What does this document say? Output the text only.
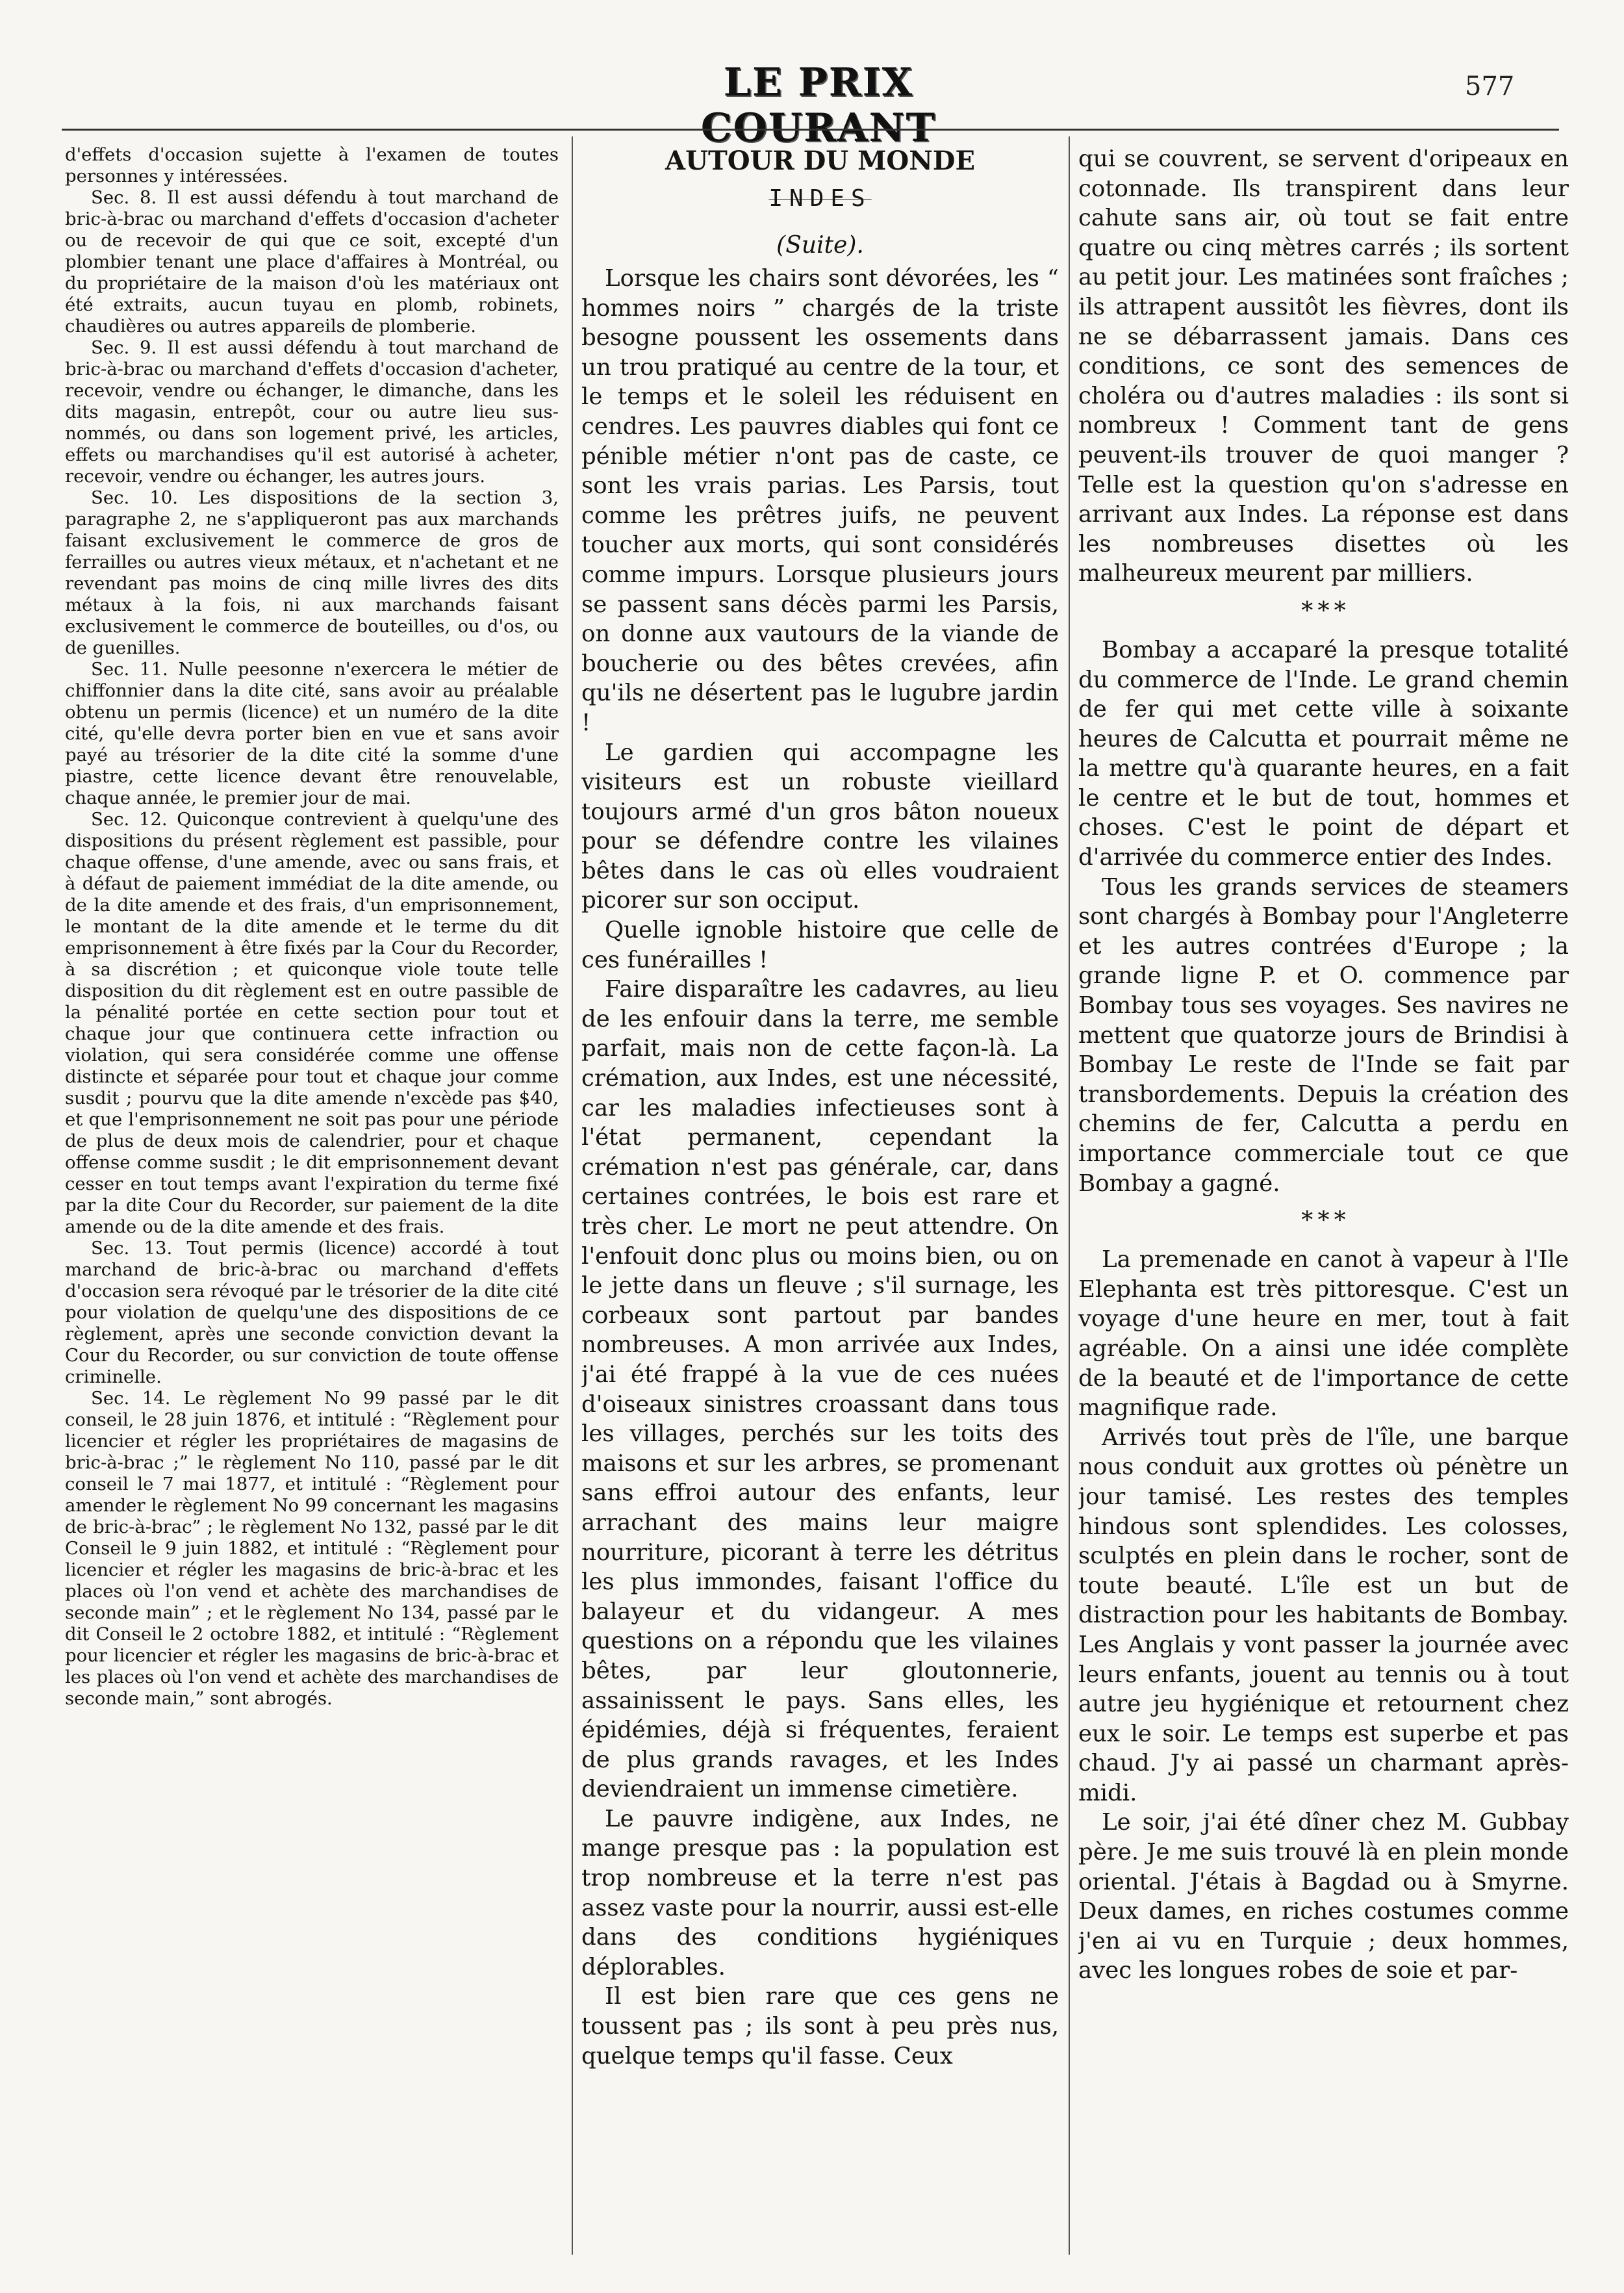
LE PRIX COURANT
577

d'effets d'occasion sujette à l'examen de toutes personnes y intéressées.

Sec. 8. Il est aussi défendu à tout marchand de bric-à-brac ou marchand d'effets d'occasion d'acheter ou de recevoir de qui que ce soit, excepté d'un plombier tenant une place d'affaires à Montréal, ou du propriétaire de la maison d'où les matériaux ont été extraits, aucun tuyau en plomb, robinets, chaudières ou autres appareils de plomberie.

Sec. 9. Il est aussi défendu à tout marchand de bric-à-brac ou marchand d'effets d'occasion d'acheter, recevoir, vendre ou échanger, le dimanche, dans les dits magasin, entrepôt, cour ou autre lieu sus-nommés, ou dans son logement privé, les articles, effets ou marchandises qu'il est autorisé à acheter, recevoir, vendre ou échanger, les autres jours.

Sec. 10. Les dispositions de la section 3, paragraphe 2, ne s'appliqueront pas aux marchands faisant exclusivement le commerce de gros de ferrailles ou autres vieux métaux, et n'achetant et ne revendant pas moins de cinq mille livres des dits métaux à la fois, ni aux marchands faisant exclusivement le commerce de bouteilles, ou d'os, ou de guenilles.

Sec. 11. Nulle peesonne n'exercera le métier de chiffonnier dans la dite cité, sans avoir au préalable obtenu un permis (licence) et un numéro de la dite cité, qu'elle devra porter bien en vue et sans avoir payé au trésorier de la dite cité la somme d'une piastre, cette licence devant être renouvelable, chaque année, le premier jour de mai.

Sec. 12. Quiconque contrevient à quelqu'une des dispositions du présent règlement est passible, pour chaque offense, d'une amende, avec ou sans frais, et à défaut de paiement immédiat de la dite amende, ou de la dite amende et des frais, d'un emprisonnement, le montant de la dite amende et le terme du dit emprisonnement à être fixés par la Cour du Recorder, à sa discrétion ; et quiconque viole toute telle disposition du dit règlement est en outre passible de la pénalité portée en cette section pour tout et chaque jour que continuera cette infraction ou violation, qui sera considérée comme une offense distincte et séparée pour tout et chaque jour comme susdit ; pourvu que la dite amende n'excède pas $40, et que l'emprisonnement ne soit pas pour une période de plus de deux mois de calendrier, pour et chaque offense comme susdit ; le dit emprisonnement devant cesser en tout temps avant l'expiration du terme fixé par la dite Cour du Recorder, sur paiement de la dite amende ou de la dite amende et des frais.

Sec. 13. Tout permis (licence) accordé à tout marchand de bric-à-brac ou marchand d'effets d'occasion sera révoqué par le trésorier de la dite cité pour violation de quelqu'une des dispositions de ce règlement, après une seconde conviction devant la Cour du Recorder, ou sur conviction de toute offense criminelle.

Sec. 14. Le règlement No 99 passé par le dit conseil, le 28 juin 1876, et intitulé : “Règlement pour licencier et régler les propriétaires de magasins de bric-à-brac ;” le règlement No 110, passé par le dit conseil le 7 mai 1877, et intitulé : “Règlement pour amender le règlement No 99 concernant les magasins de bric-à-brac” ; le règlement No 132, passé par le dit Conseil le 9 juin 1882, et intitulé : “Règlement pour licencier et régler les magasins de bric-à-brac et les places où l'on vend et achète des marchandises de seconde main” ; et le règlement No 134, passé par le dit Conseil le 2 octobre 1882, et intitulé : “Règlement pour licencier et régler les magasins de bric-à-brac et les places où l'on vend et achète des marchandises de seconde main,” sont abrogés.

AUTOUR DU MONDE
INDES
(Suite).

Lorsque les chairs sont dévorées, les “ hommes noirs ” chargés de la triste besogne poussent les ossements dans un trou pratiqué au centre de la tour, et le temps et le soleil les réduisent en cendres. Les pauvres diables qui font ce pénible métier n'ont pas de caste, ce sont les vrais parias. Les Parsis, tout comme les prêtres juifs, ne peuvent toucher aux morts, qui sont considérés comme impurs. Lorsque plusieurs jours se passent sans décès parmi les Parsis, on donne aux vautours de la viande de boucherie ou des bêtes crevées, afin qu'ils ne désertent pas le lugubre jardin !

Le gardien qui accompagne les visiteurs est un robuste vieillard toujours armé d'un gros bâton noueux pour se défendre contre les vilaines bêtes dans le cas où elles voudraient picorer sur son occiput.

Quelle ignoble histoire que celle de ces funérailles !

Faire disparaître les cadavres, au lieu de les enfouir dans la terre, me semble parfait, mais non de cette façon-là. La crémation, aux Indes, est une nécessité, car les maladies infectieuses sont à l'état permanent, cependant la crémation n'est pas générale, car, dans certaines contrées, le bois est rare et très cher. Le mort ne peut attendre. On l'enfouit donc plus ou moins bien, ou on le jette dans un fleuve ; s'il surnage, les corbeaux sont partout par bandes nombreuses. A mon arrivée aux Indes, j'ai été frappé à la vue de ces nuées d'oiseaux sinistres croassant dans tous les villages, perchés sur les toits des maisons et sur les arbres, se promenant sans effroi autour des enfants, leur arrachant des mains leur maigre nourriture, picorant à terre les détritus les plus immondes, faisant l'office du balayeur et du vidangeur. A mes questions on a répondu que les vilaines bêtes, par leur gloutonnerie, assainissent le pays. Sans elles, les épidémies, déjà si fréquentes, feraient de plus grands ravages, et les Indes deviendraient un immense cimetière.

Le pauvre indigène, aux Indes, ne mange presque pas : la population est trop nombreuse et la terre n'est pas assez vaste pour la nourrir, aussi est-elle dans des conditions hygiéniques déplorables.

Il est bien rare que ces gens ne toussent pas ; ils sont à peu près nus, quelque temps qu'il fasse. Ceux

qui se couvrent, se servent d'oripeaux en cotonnade. Ils transpirent dans leur cahute sans air, où tout se fait entre quatre ou cinq mètres carrés ; ils sortent au petit jour. Les matinées sont fraîches ; ils attrapent aussitôt les fièvres, dont ils ne se débarrassent jamais. Dans ces conditions, ce sont des semences de choléra ou d'autres maladies : ils sont si nombreux ! Comment tant de gens peuvent-ils trouver de quoi manger ? Telle est la question qu'on s'adresse en arrivant aux Indes. La réponse est dans les nombreuses disettes où les malheureux meurent par milliers.

* * *

Bombay a accaparé la presque totalité du commerce de l'Inde. Le grand chemin de fer qui met cette ville à soixante heures de Calcutta et pourrait même ne la mettre qu'à quarante heures, en a fait le centre et le but de tout, hommes et choses. C'est le point de départ et d'arrivée du commerce entier des Indes.

Tous les grands services de steamers sont chargés à Bombay pour l'Angleterre et les autres contrées d'Europe ; la grande ligne P. et O. commence par Bombay tous ses voyages. Ses navires ne mettent que quatorze jours de Brindisi à Bombay Le reste de l'Inde se fait par transbordements. Depuis la création des chemins de fer, Calcutta a perdu en importance commerciale tout ce que Bombay a gagné.

* * *

La premenade en canot à vapeur à l'Ile Elephanta est très pittoresque. C'est un voyage d'une heure en mer, tout à fait agréable. On a ainsi une idée complète de la beauté et de l'importance de cette magnifique rade.

Arrivés tout près de l'île, une barque nous conduit aux grottes où pénètre un jour tamisé. Les restes des temples hindous sont splendides. Les colosses, sculptés en plein dans le rocher, sont de toute beauté. L'île est un but de distraction pour les habitants de Bombay. Les Anglais y vont passer la journée avec leurs enfants, jouent au tennis ou à tout autre jeu hygiénique et retournent chez eux le soir. Le temps est superbe et pas chaud. J'y ai passé un charmant après-midi.

Le soir, j'ai été dîner chez M. Gubbay père. Je me suis trouvé là en plein monde oriental. J'étais à Bagdad ou à Smyrne. Deux dames, en riches costumes comme j'en ai vu en Turquie ; deux hommes, avec les longues robes de soie et par-
